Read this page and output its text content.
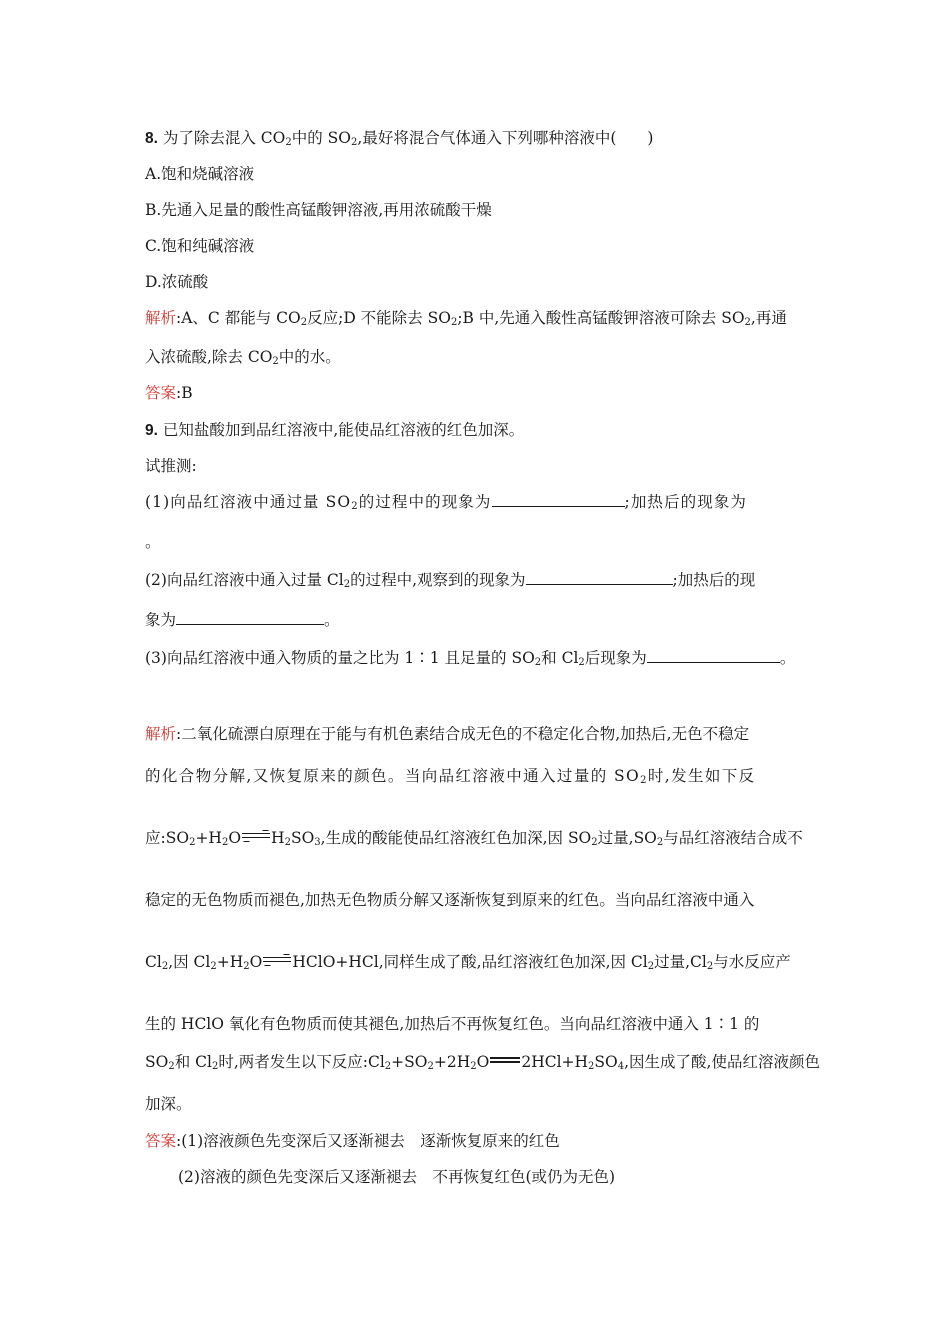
8. 为了除去混入 $CO_2$中的 $SO_2$,最好将混合气体通入下列哪种溶液中(　　)
A.饱和烧碱溶液
B.先通入足量的酸性高锰酸钾溶液,再用浓硫酸干燥
C.饱和纯碱溶液
D.浓硫酸
解析:A、C 都能与 $CO_2$反应;D 不能除去 $SO_2;B$ 中,先通入酸性高锰酸钾溶液可除去 $SO_2$,再通
入浓硫酸,除去 $CO_2$中的水。
答案:B
9. 已知盐酸加到品红溶液中,能使品红溶液的红色加深。
试推测:
(1)向品红溶液中通过量 $SO_2$的过程中的现象为	;加热后的现象为
。
(2)向品红溶液中通入过量 $Cl_2$的过程中,观察到的现象为	;加热后的现
象为	。
(3)向品红溶液中通入物质的量之比为 1∶1 且足量的 $SO_2$和 $Cl_2$后现象为	。
解析:二氧化硫漂白原理在于能与有机色素结合成无色的不稳定化合物,加热后,无色不稳定
的化合物分解,又恢复原来的颜色。当向品红溶液中通入过量的 $SO_2$时,发生如下反
应$:SO_2+H_2O\to H_2SO_3$,生成的酸能使品红溶液红色加深,因 $SO_2$过量$,SO_2$与品红溶液结合成不
稳定的无色物质而褪色,加热无色物质分解又逐渐恢复到原来的红色。当向品红溶液中通入
$Cl_2$,因 $Cl_2+H_2O\to HClO+HCl$,同样生成了酸,品红溶液红色加深,因 $Cl_2$过量$,Cl_2$与水反应产
生的 HClO 氧化有色物质而使其褪色,加热后不再恢复红色。当向品红溶液中通入 1∶1 的
$SO_2$和 $Cl_2$时,两者发生以下反应$:Cl_2+SO_2+2H_2O$ $2HCl+H_2SO_4$,因生成了酸,使品红溶液颜色
加深。
答案:(1)溶液颜色先变深后又逐渐褪去　逐渐恢复原来的红色
(2)溶液的颜色先变深后又逐渐褪去　不再恢复红色(或仍为无色)
